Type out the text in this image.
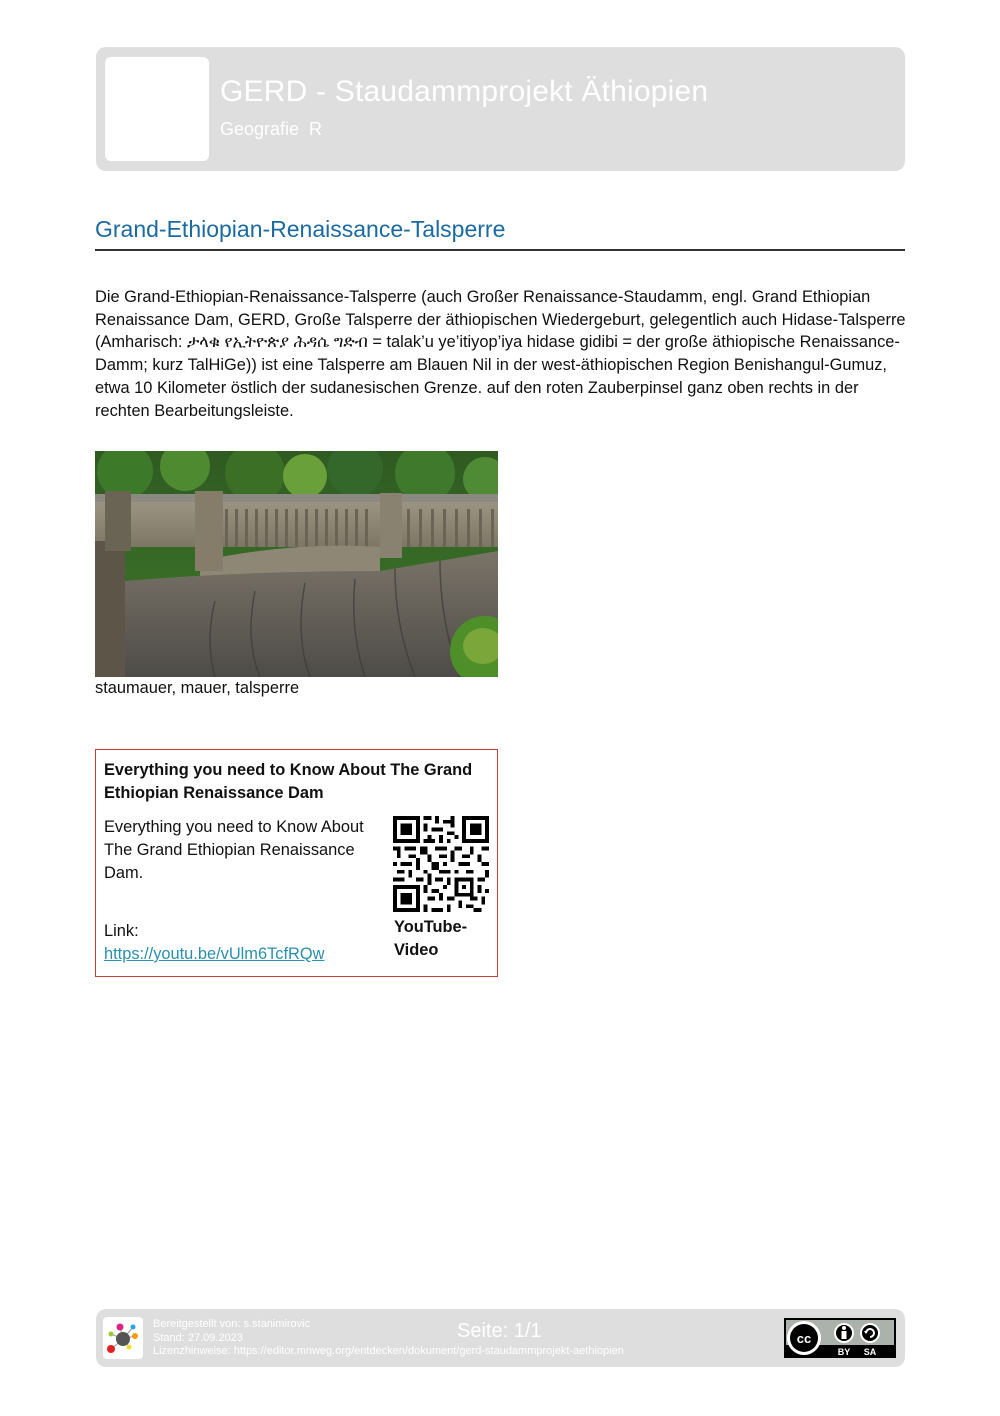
GERD - Staudammprojekt Äthiopien
Geografie  R
Grand-Ethiopian-Renaissance-Talsperre

Die Grand-Ethiopian-Renaissance-Talsperre (auch Großer Renaissance-Staudamm, engl. Grand Ethiopian Renaissance Dam, GERD, Große Talsperre der äthiopischen Wiedergeburt, gelegentlich auch Hidase-Talsperre (Amharisch: ታላቁ የኢትዮጵያ ሕዳሴ ግድብ = talak’u ye’itiyop’iya hidase gidibi = der große äthiopische Renaissance-Damm; kurz TalHiGe)) ist eine Talsperre am Blauen Nil in der west-äthiopischen Region Benishangul-Gumuz, etwa 10 Kilometer östlich der sudanesischen Grenze. auf den roten Zauberpinsel ganz oben rechts in der rechten Bearbeitungsleiste.

staumauer, mauer, talsperre
Everything you need to Know About The Grand Ethiopian Renaissance Dam
Everything you need to Know About The Grand Ethiopian Renaissance Dam.
Link:
https://youtu.be/vUlm6TcfRQw
YouTube-Video
Bereitgestellt von: s.stanimirovic
Stand: 27.09.2023
Lizenzhinweise: https://editor.mnweg.org/entdecken/dokument/gerd-staudammprojekt-aethiopien
Seite: 1/1	cc
BY SA
